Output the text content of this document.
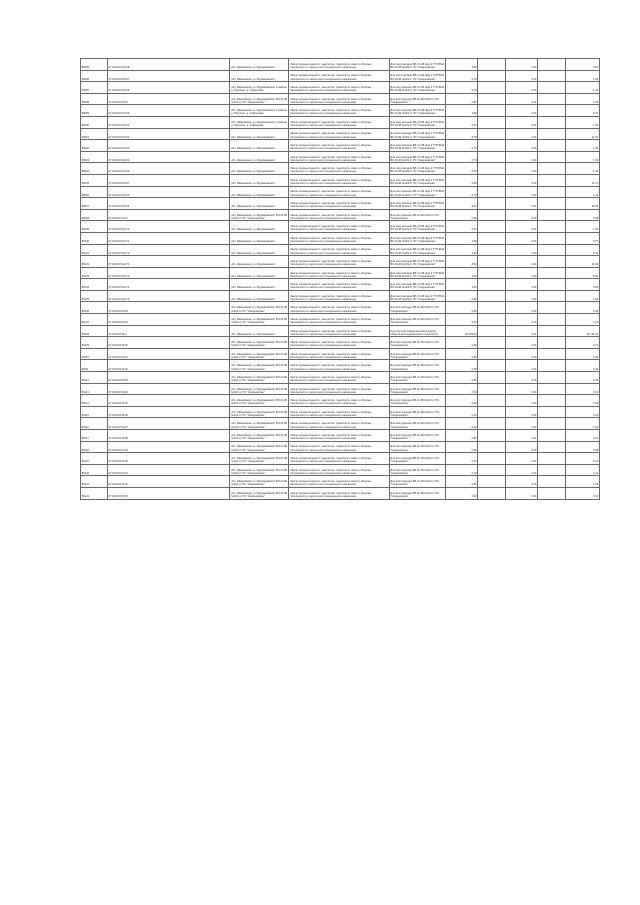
86085	37:19:010742:148	обл. Ивановская, р-н Фурмановский	Земли промышленности, энергетики, транспорта, связи и обороны, безопасности и земли иного специального назначения	Для эксплуатации ВЛ-0,4 кВ фид.2 ГТП 8641 ВЛ-10 кВ №103 от ПС "Смирновская"	2,00		2,00		4,00
86086	37:19:010742:167	обл. Ивановская, р-н Фурмановский	Земли промышленности, энергетики, транспорта, связи и обороны, безопасности и земли иного специального назначения	Для эксплуатации ВЛ-0,4 кВ фид.2 ГТП 8641 ВЛ-10 кВ №103 от ПС "Смирновская"	0,70		0,50		1,50
86087	37:19:010742:168	обл. Ивановская, р-н Фурмановский, в районе д. Юрятино, д. Сафроново	Земли промышленности, энергетики, транспорта, связи и обороны, безопасности и земли иного специального назначения	Для эксплуатации ВЛ-0,4 кВ фид.2 ГТП 8641 ВЛ-10 кВ №103 от ПС "Смирновская"	0,70		0,50		1,40
86088	37:19:010742:16	обл. Ивановская, р-н Фурмановский, ВЛ-10 кВ №103 от ПС "Смирновская"	Земли промышленности, энергетики, транспорта, связи и обороны, безопасности и земли иного специального назначения	Для эксплуатации ВЛ-10 кВ №103 от ПС "Смирновская"	0,65		0,40		0,49
86089	37:19:010742:169	обл. Ивановская, р-н Фурмановский, в районе д. Юрятино, д. Сафроново	Земли промышленности, энергетики, транспорта, связи и обороны, безопасности и земли иного специального назначения	Для эксплуатации ВЛ-0,4 кВ фид.2 ГТП 8641 ВЛ-10 кВ №103 от ПС "Смирновская"	4,65		2,00		8,74
86090	37:19:010742:161	обл. Ивановская, р-н Фурмановский, в районе д. Юрятино, д. Сафроново	Земли промышленности, энергетики, транспорта, связи и обороны, безопасности и земли иного специального назначения	Для эксплуатации ВЛ-0,4 кВ фид.2 ГТП 8641 ВЛ-10 кВ №103 от ПС "Смирновская"	0,70		0,50		1,40
86091	37:19:010742:162	обл. Ивановская, р-н Фурмановский	Земли промышленности, энергетики, транспорта, связи и обороны, безопасности и земли иного специального назначения	Для эксплуатации ВЛ-0,4 кВ фид.2 ГТП 8641 ВЛ-10 кВ №103 от ПС "Смирновская"	5,79		2,00		11,07
86092	37:19:010742:164	обл. Ивановская, р-н Фурмановский	Земли промышленности, энергетики, транспорта, связи и обороны, безопасности и земли иного специального назначения	Для эксплуатации ВЛ-0,4 кВ фид.2 ГТП 8641 ВЛ-10 кВ №103 от ПС "Смирновская"	0,70		0,50		1,40
86093	37:19:010742:160	обл. Ивановская, р-н Фурмановский	Земли промышленности, энергетики, транспорта, связи и обороны, безопасности и земли иного специального назначения	Для эксплуатации ВЛ-0,4 кВ фид.2 ГТП 8641 ВЛ-10 кВ №103 от ПС "Смирновская"	0,70		2,00		1,40
86094	37:19:010742:165	обл. Ивановская, р-н Фурмановский	Земли промышленности, энергетики, транспорта, связи и обороны, безопасности и земли иного специального назначения	Для эксплуатации ВЛ-0,4 кВ фид.2 ГТП 8641 ВЛ-10 кВ №103 от ПС "Смирновская"	0,70		2,00		1,40
86095	37:19:010742:157	обл. Ивановская, р-н Фурмановский	Земли промышленности, энергетики, транспорта, связи и обороны, безопасности и земли иного специального назначения	Для эксплуатации ВЛ-0,4 кВ фид.2 ГТП 8641 ВЛ-10 кВ №103 от ПС "Смирновская"	5,59		0,50		11,17
86096	37:19:010742:163	обл. Ивановская, р-н Фурмановский	Земли промышленности, энергетики, транспорта, связи и обороны, безопасности и земли иного специального назначения	Для эксплуатации ВЛ-0,4 кВ фид.2 ГТП 8641 ВЛ-10 кВ №103 от ПС "Смирновская"	0,70		0,50		1,40
86097	37:19:010742:166	обл. Ивановская, р-н Фурмановский	Земли промышленности, энергетики, транспорта, связи и обороны, безопасности и земли иного специального назначения	Для эксплуатации ВЛ-0,4 кВ фид.2 ГТП 8641 ВЛ-10 кВ №103 от ПС "Смирновская"	9,02		0,50		18,05
86098	37:19:010742:17	обл. Ивановская, р-н Фурмановский, ВЛ-10 кВ №103 от ПС "Смирновская"	Земли промышленности, энергетики, транспорта, связи и обороны, безопасности и земли иного специального назначения	Для эксплуатации ВЛ-10 кВ №103 от ПС "Смирновская"	0,65		0,40		0,49
86099	37:19:010742:170	обл. Ивановская, р-н Фурмановский	Земли промышленности, энергетики, транспорта, связи и обороны, безопасности и земли иного специального назначения	Для эксплуатации ВЛ-0,4 кВ фид.2 ГТП 8641 ВЛ-10 кВ №103 от ПС "Смирновская"	0,70		0,50		1,40
86100	37:19:010742:171	обл. Ивановская, р-н Фурмановский	Земли промышленности, энергетики, транспорта, связи и обороны, безопасности и земли иного специального назначения	Для эксплуатации ВЛ-0,4 кВ фид.2 ГТП 8641 ВЛ-10 кВ №103 от ПС "Смирновская"	2,95		0,50		5,77
86101	37:19:010742:172	обл. Ивановская, р-н Фурмановский	Земли промышленности, энергетики, транспорта, связи и обороны, безопасности и земли иного специального назначения	Для эксплуатации ВЛ-0,4 кВ фид.2 ГТП 8641 ВЛ-10 кВ №103 от ПС "Смирновская"	4,20		2,00		8,40
86102	37:19:010742:173	обл. Ивановская, р-н Фурмановский	Земли промышленности, энергетики, транспорта, связи и обороны, безопасности и земли иного специального назначения	Для эксплуатации ВЛ-0,4 кВ фид.2 ГТП 8641 ВЛ-10 кВ №103 от ПС "Смирновская"	8,20		2,00		16,39
86103	37:19:010742:176	обл. Ивановская, р-н Фурмановский	Земли промышленности, энергетики, транспорта, связи и обороны, безопасности и земли иного специального назначения	Для эксплуатации ВЛ-0,4 кВ фид.2 ГТП 8641 ВЛ-10 кВ №103 от ПС "Смирновская"	4,00		2,00		8,00
86104	37:19:010742:174	обл. Ивановская, р-н Фурмановский	Земли промышленности, энергетики, транспорта, связи и обороны, безопасности и земли иного специального назначения	Для эксплуатации ВЛ-0,4 кВ фид.2 ГТП 8641 ВЛ-10 кВ №103 от ПС "Смирновская"	4,00		2,00		8,54
86105	37:19:010742:175	обл. Ивановская, р-н Фурмановский	Земли промышленности, энергетики, транспорта, связи и обороны, безопасности и земли иного специального назначения	Для эксплуатации ВЛ-0,4 кВ фид.2 ГТП 8641 ВЛ-10 кВ №103 от ПС "Смирновская"	0,80		2,00		1,60
86106	37:19:010742:18	обл. Ивановская, р-н Фурмановский, ВЛ-10 кВ №103 от ПС "Смирновская"	Земли промышленности, энергетики, транспорта, связи и обороны, безопасности и земли иного специального назначения	Для эксплуатации ВЛ-10 кВ №103 от ПС "Смирновская"	0,65		0,40		0,49
86107	37:19:010742:19	обл. Ивановская, р-н Фурмановский, ВЛ-10 кВ №103 от ПС "Смирновская"	Земли промышленности, энергетики, транспорта, связи и обороны, безопасности и земли иного специального назначения	Для эксплуатации ВЛ-10 кВ №103 от ПС "Смирновская"	0,10		0,40		0,16
86108	37:19:010742:2	обл. Ивановская, р-н Фурмановский	Земли промышленности, энергетики, транспорта, связи и обороны, безопасности и земли иного специального назначения	Под полосой отвода железной дороги объекта железнодорожного транспорта	33 129,00		0,00		46 721,00
86109	37:19:010742:20	обл. Ивановская, р-н Фурмановский, ВЛ-10 кВ №103 от ПС "Смирновская"	Земли промышленности, энергетики, транспорта, связи и обороны, безопасности и земли иного специального назначения	Для эксплуатации ВЛ-10 кВ №103 от ПС "Смирновская"	0,65		2,00		0,71
86110	37:19:010742:21	обл. Ивановская, р-н Фурмановский, ВЛ-10 кВ №103 от ПС "Смирновская"	Земли промышленности, энергетики, транспорта, связи и обороны, безопасности и земли иного специального назначения	Для эксплуатации ВЛ-10 кВ №103 от ПС "Смирновская"	0,65		0,40		0,49
86111	37:19:010742:22	обл. Ивановская, р-н Фурмановский, ВЛ-10 кВ №103 от ПС "Смирновская"	Земли промышленности, энергетики, транспорта, связи и обороны, безопасности и земли иного специального назначения	Для эксплуатации ВЛ-10 кВ №103 от ПС "Смирновская"	0,65		0,40		0,49
86112	37:19:010742:23	обл. Ивановская, р-н Фурмановский, ВЛ-10 кВ №103 от ПС "Смирновская"	Земли промышленности, энергетики, транспорта, связи и обороны, безопасности и земли иного специального назначения	Для эксплуатации ВЛ-10 кВ №103 от ПС "Смирновская"	0,65		0,40		0,49
86113	37:19:010742:24	обл. Ивановская, р-н Фурмановский, ВЛ-10 кВ №103 от ПС "Смирновская"	Земли промышленности, энергетики, транспорта, связи и обороны, безопасности и земли иного специального назначения	Для эксплуатации ВЛ-10 кВ №103 от ПС "Смирновская"	0,10		0,40		0,16
86114	37:19:010742:25	обл. Ивановская, р-н Фурмановский, ВЛ-10 кВ №103 от ПС "Смирновская"	Земли промышленности, энергетики, транспорта, связи и обороны, безопасности и земли иного специального назначения	Для эксплуатации ВЛ-10 кВ №103 от ПС "Смирновская"	0,10		0,40		0,16
86115	37:19:010742:26	обл. Ивановская, р-н Фурмановский, ВЛ-10 кВ №103 от ПС "Смирновская"	Земли промышленности, энергетики, транспорта, связи и обороны, безопасности и земли иного специального назначения	Для эксплуатации ВЛ-10 кВ №103 от ПС "Смирновская"	0,10		0,40		0,16
86116	37:19:010742:27	обл. Ивановская, р-н Фурмановский, ВЛ-10 кВ №103 от ПС "Смирновская"	Земли промышленности, энергетики, транспорта, связи и обороны, безопасности и земли иного специального назначения	Для эксплуатации ВЛ-10 кВ №103 от ПС "Смирновская"	0,10		0,40		0,16
86117	37:19:010742:28	обл. Ивановская, р-н Фурмановский, ВЛ-10 кВ №103 от ПС "Смирновская"	Земли промышленности, энергетики, транспорта, связи и обороны, безопасности и земли иного специального назначения	Для эксплуатации ВЛ-10 кВ №103 от ПС "Смирновская"	0,65		2,00		0,16
86118	37:19:010742:29	обл. Ивановская, р-н Фурмановский, ВЛ-10 кВ №103 от ПС "Смирновская"	Земли промышленности, энергетики, транспорта, связи и обороны, безопасности и земли иного специального назначения	Для эксплуатации ВЛ-10 кВ №103 от ПС "Смирновская"	0,65		0,40		0,49
86119	37:19:010742:30	обл. Ивановская, р-н Фурмановский, ВЛ-10 кВ №103 от ПС "Смирновская"	Земли промышленности, энергетики, транспорта, связи и обороны, безопасности и земли иного специального назначения	Для эксплуатации ВЛ-10 кВ №103 от ПС "Смирновская"	0,10		0,40		0,16
86120	37:19:010742:31	обл. Ивановская, р-н Фурмановский, ВЛ-10 кВ №103 от ПС "Смирновская"	Земли промышленности, энергетики, транспорта, связи и обороны, безопасности и земли иного специального назначения	Для эксплуатации ВЛ-10 кВ №103 от ПС "Смирновская"	0,10		0,40		0,16
86121	37:19:010742:32	обл. Ивановская, р-н Фурмановский, ВЛ-10 кВ №103 от ПС "Смирновская"	Земли промышленности, энергетики, транспорта, связи и обороны, безопасности и земли иного специального назначения	Для эксплуатации ВЛ-10 кВ №103 от ПС "Смирновская"	0,65		0,40		0,16
86122	37:19:010742:33	обл. Ивановская, р-н Фурмановский, ВЛ-10 кВ №103 от ПС "Смирновская"	Земли промышленности, энергетики, транспорта, связи и обороны, безопасности и земли иного специального назначения	Для эксплуатации ВЛ-10 кВ №103 от ПС "Смирновская"	0,10		0,40		0,16
